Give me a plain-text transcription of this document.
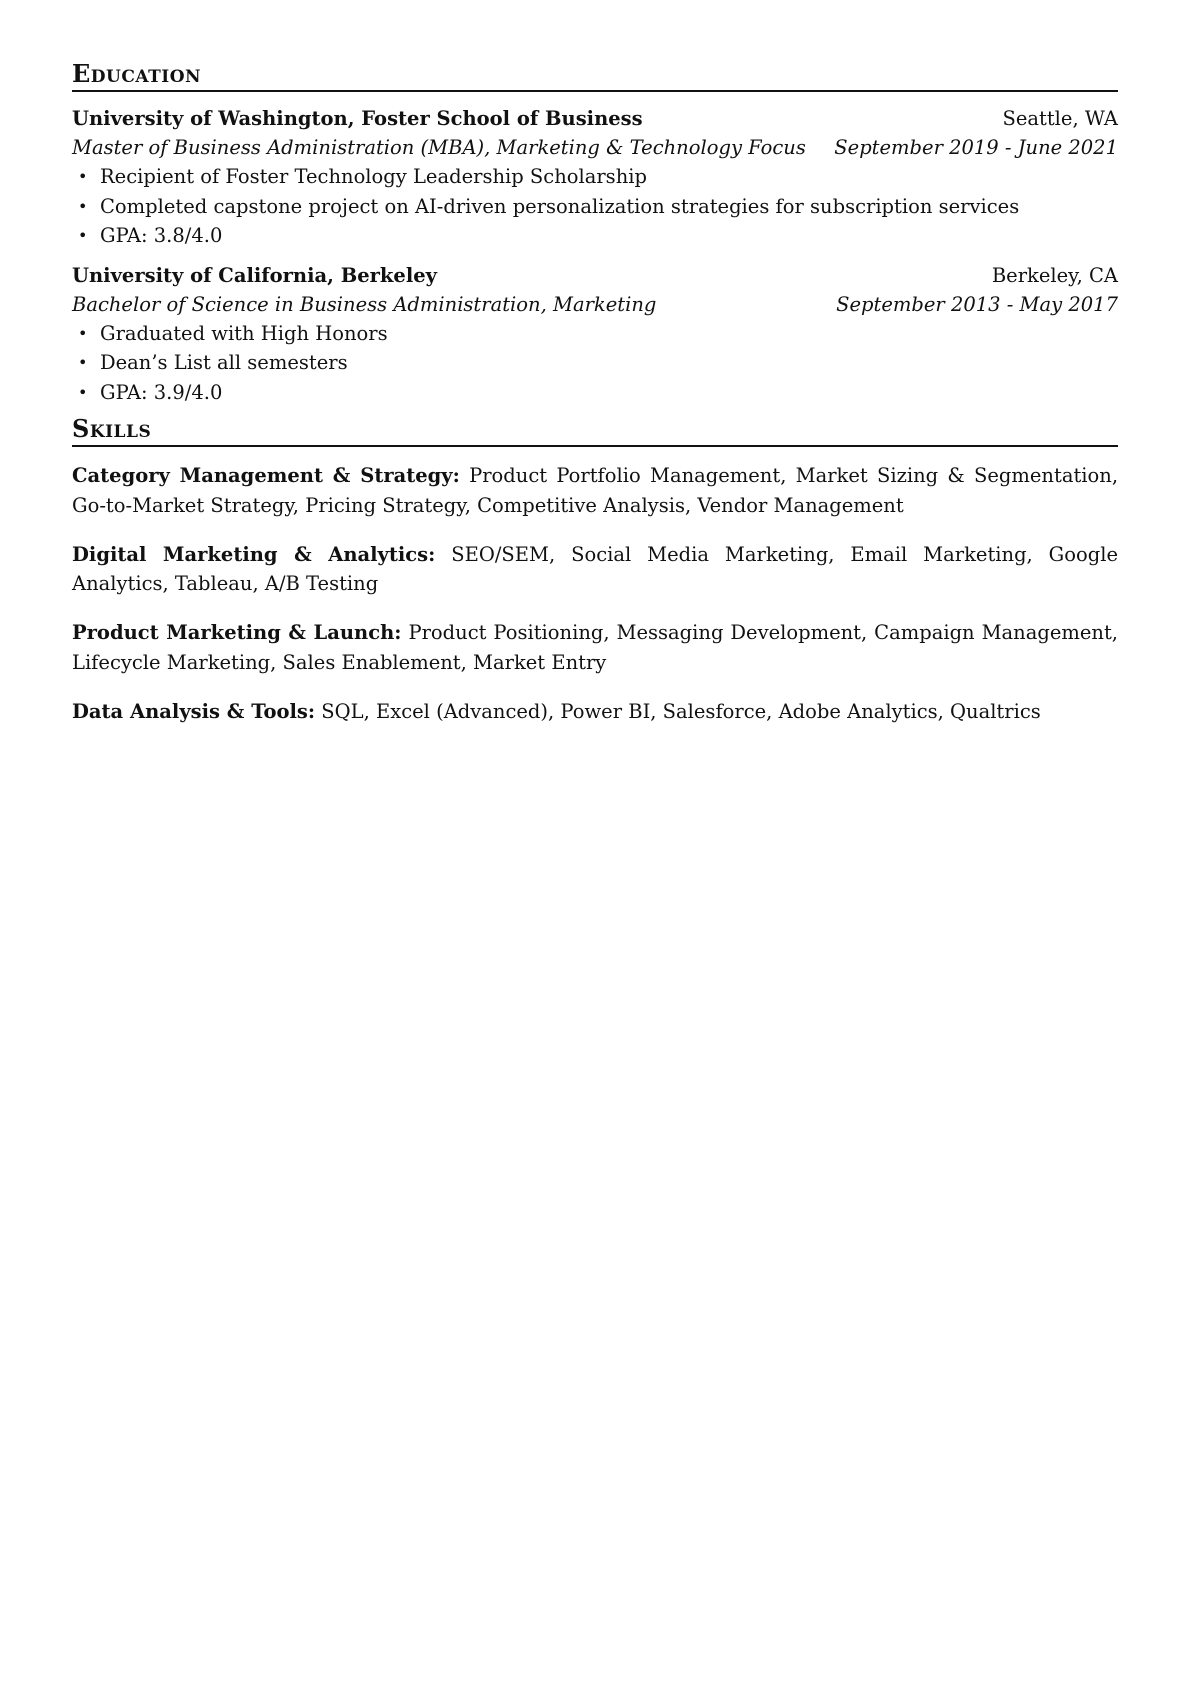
Education
University of Washington, Foster School of Business	Seattle, WA
Master of Business Administration (MBA), Marketing & Technology Focus September 2019 - June 2021
• Recipient of Foster Technology Leadership Scholarship
• Completed capstone project on AI-driven personalization strategies for subscription services
• GPA: 3.8/4.0
University of California, Berkeley	Berkeley, CA
Bachelor of Science in Business Administration, Marketing	September 2013 - May 2017
• Graduated with High Honors
• Dean’s List all semesters
• GPA: 3.9/4.0
Skills

Category Management & Strategy: Product Portfolio Management, Market Sizing & Segmentation, Go-to-Market Strategy, Pricing Strategy, Competitive Analysis, Vendor Management

Digital Marketing & Analytics: SEO/SEM, Social Media Marketing, Email Marketing, Google Analytics, Tableau, A/B Testing

Product Marketing & Launch: Product Positioning, Messaging Development, Campaign Management, Lifecycle Marketing, Sales Enablement, Market Entry

Data Analysis & Tools: SQL, Excel (Advanced), Power BI, Salesforce, Adobe Analytics, Qualtrics
